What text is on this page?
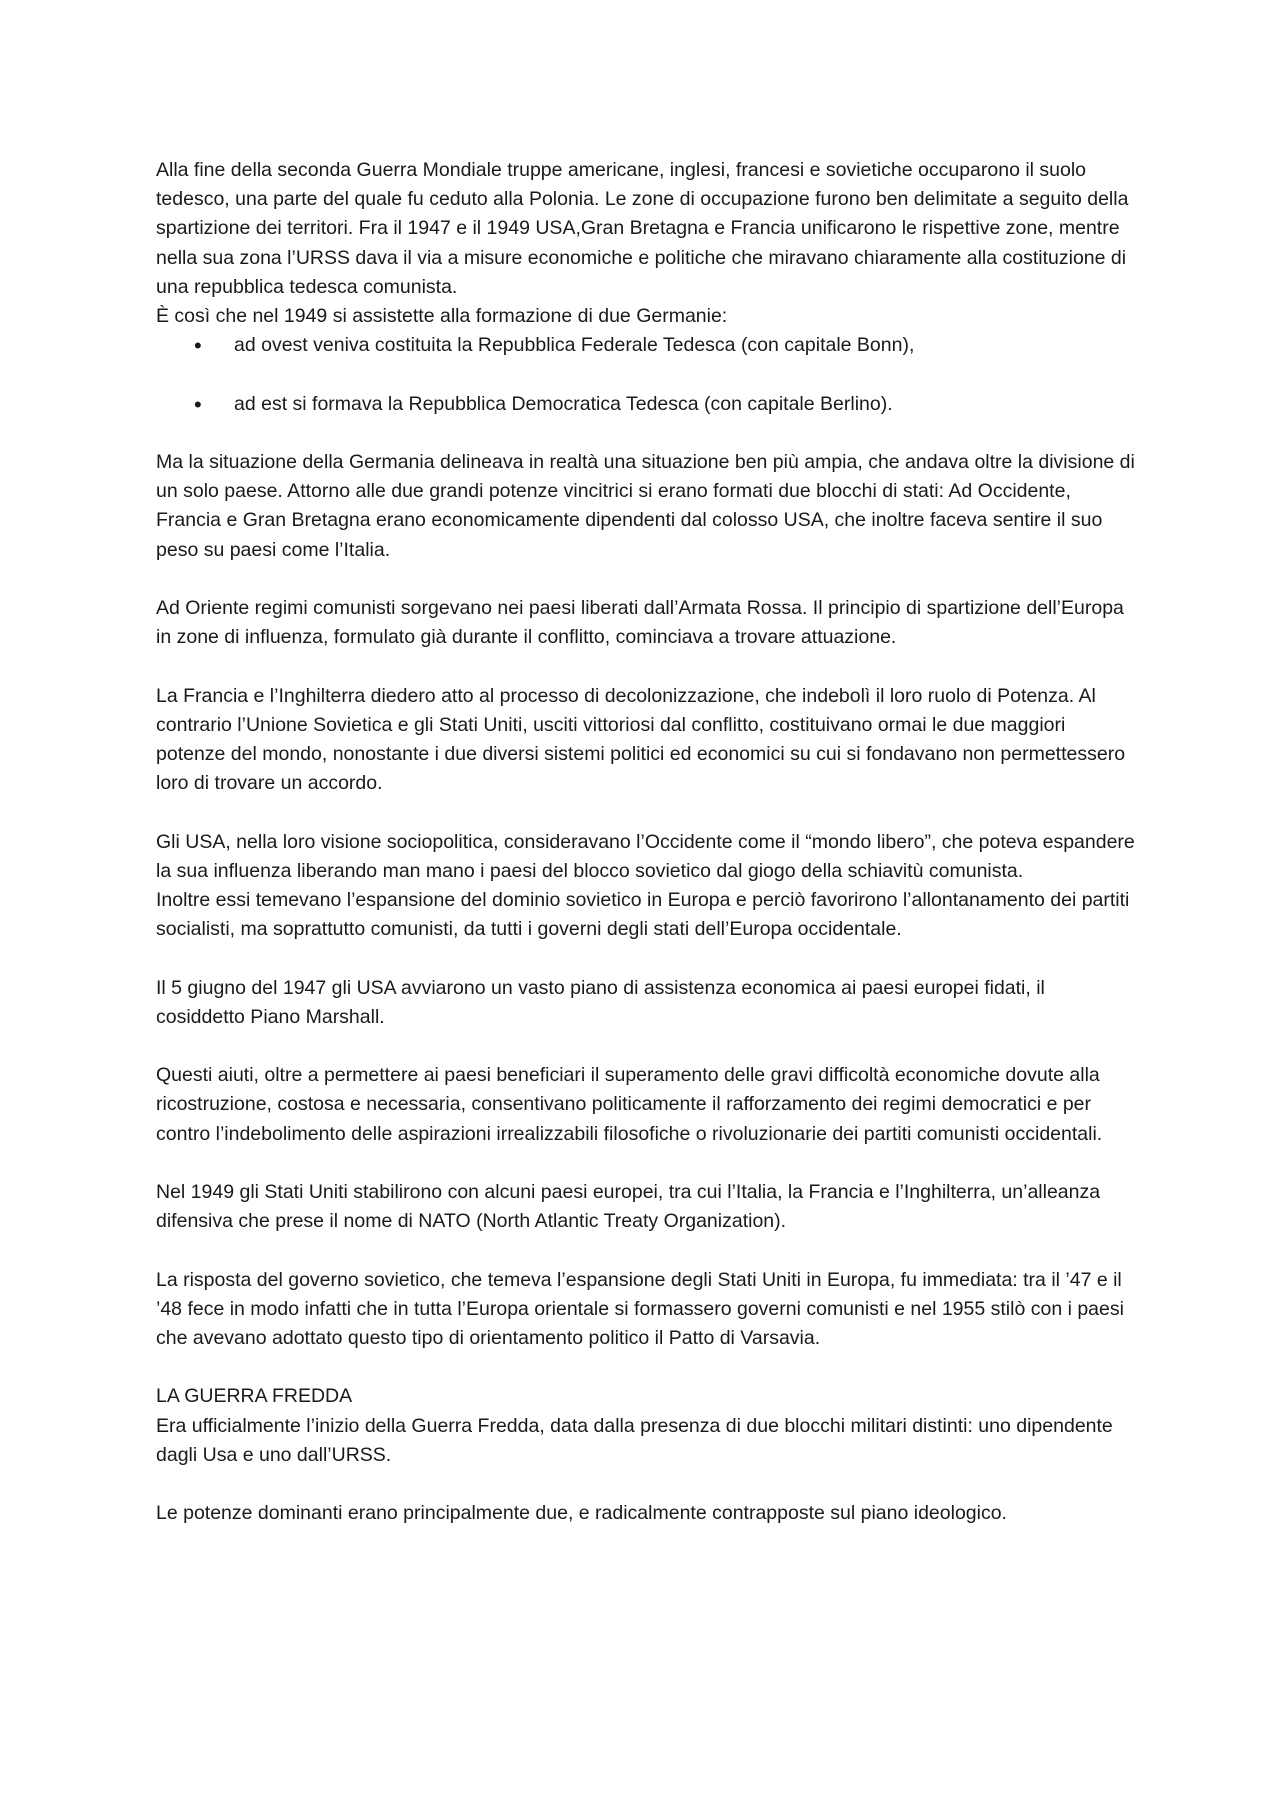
Alla fine della seconda Guerra Mondiale truppe americane, inglesi, francesi e sovietiche occuparono il suolo tedesco, una parte del quale fu ceduto alla Polonia. Le zone di occupazione furono ben delimitate a seguito della spartizione dei territori. Fra il 1947 e il 1949 USA,Gran Bretagna e Francia unificarono le rispettive zone, mentre nella sua zona l’URSS dava il via a misure economiche e politiche che miravano chiaramente alla costituzione di una repubblica tedesca comunista.

È così che nel 1949 si assistette alla formazione di due Germanie:

• ad ovest veniva costituita la Repubblica Federale Tedesca (con capitale Bonn),
• ad est si formava la Repubblica Democratica Tedesca (con capitale Berlino).

Ma la situazione della Germania delineava in realtà una situazione ben più ampia, che andava oltre la divisione di un solo paese. Attorno alle due grandi potenze vincitrici si erano formati due blocchi di stati: Ad Occidente, Francia e Gran Bretagna erano economicamente dipendenti dal colosso USA, che inoltre faceva sentire il suo peso su paesi come l’Italia.

Ad Oriente regimi comunisti sorgevano nei paesi liberati dall’Armata Rossa. Il principio di spartizione dell’Europa in zone di influenza, formulato già durante il conflitto, cominciava a trovare attuazione.

La Francia e l’Inghilterra diedero atto al processo di decolonizzazione, che indebolì il loro ruolo di Potenza. Al contrario l’Unione Sovietica e gli Stati Uniti, usciti vittoriosi dal conflitto, costituivano ormai le due maggiori potenze del mondo, nonostante i due diversi sistemi politici ed economici su cui si fondavano non permettessero loro di trovare un accordo.

Gli USA, nella loro visione sociopolitica, consideravano l’Occidente come il “mondo libero”, che poteva espandere la sua influenza liberando man mano i paesi del blocco sovietico dal giogo della schiavitù comunista.

Inoltre essi temevano l’espansione del dominio sovietico in Europa e perciò favorirono l’allontanamento dei partiti socialisti, ma soprattutto comunisti, da tutti i governi degli stati dell’Europa occidentale.

Il 5 giugno del 1947 gli USA avviarono un vasto piano di assistenza economica ai paesi europei fidati, il cosiddetto Piano Marshall.

Questi aiuti, oltre a permettere ai paesi beneficiari il superamento delle gravi difficoltà economiche dovute alla ricostruzione, costosa e necessaria, consentivano politicamente il rafforzamento dei regimi democratici e per contro l’indebolimento delle aspirazioni irrealizzabili filosofiche o rivoluzionarie dei partiti comunisti occidentali.

Nel 1949 gli Stati Uniti stabilirono con alcuni paesi europei, tra cui l’Italia, la Francia e l’Inghilterra, un’alleanza difensiva che prese il nome di NATO (North Atlantic Treaty Organization).

La risposta del governo sovietico, che temeva l’espansione degli Stati Uniti in Europa, fu immediata: tra il ’47 e il ’48 fece in modo infatti che in tutta l’Europa orientale si formassero governi comunisti e nel 1955 stilò con i paesi che avevano adottato questo tipo di orientamento politico il Patto di Varsavia.

LA GUERRA FREDDA

Era ufficialmente l’inizio della Guerra Fredda, data dalla presenza di due blocchi militari distinti: uno dipendente dagli Usa e uno dall’URSS.

Le potenze dominanti erano principalmente due, e radicalmente contrapposte sul piano ideologico.
